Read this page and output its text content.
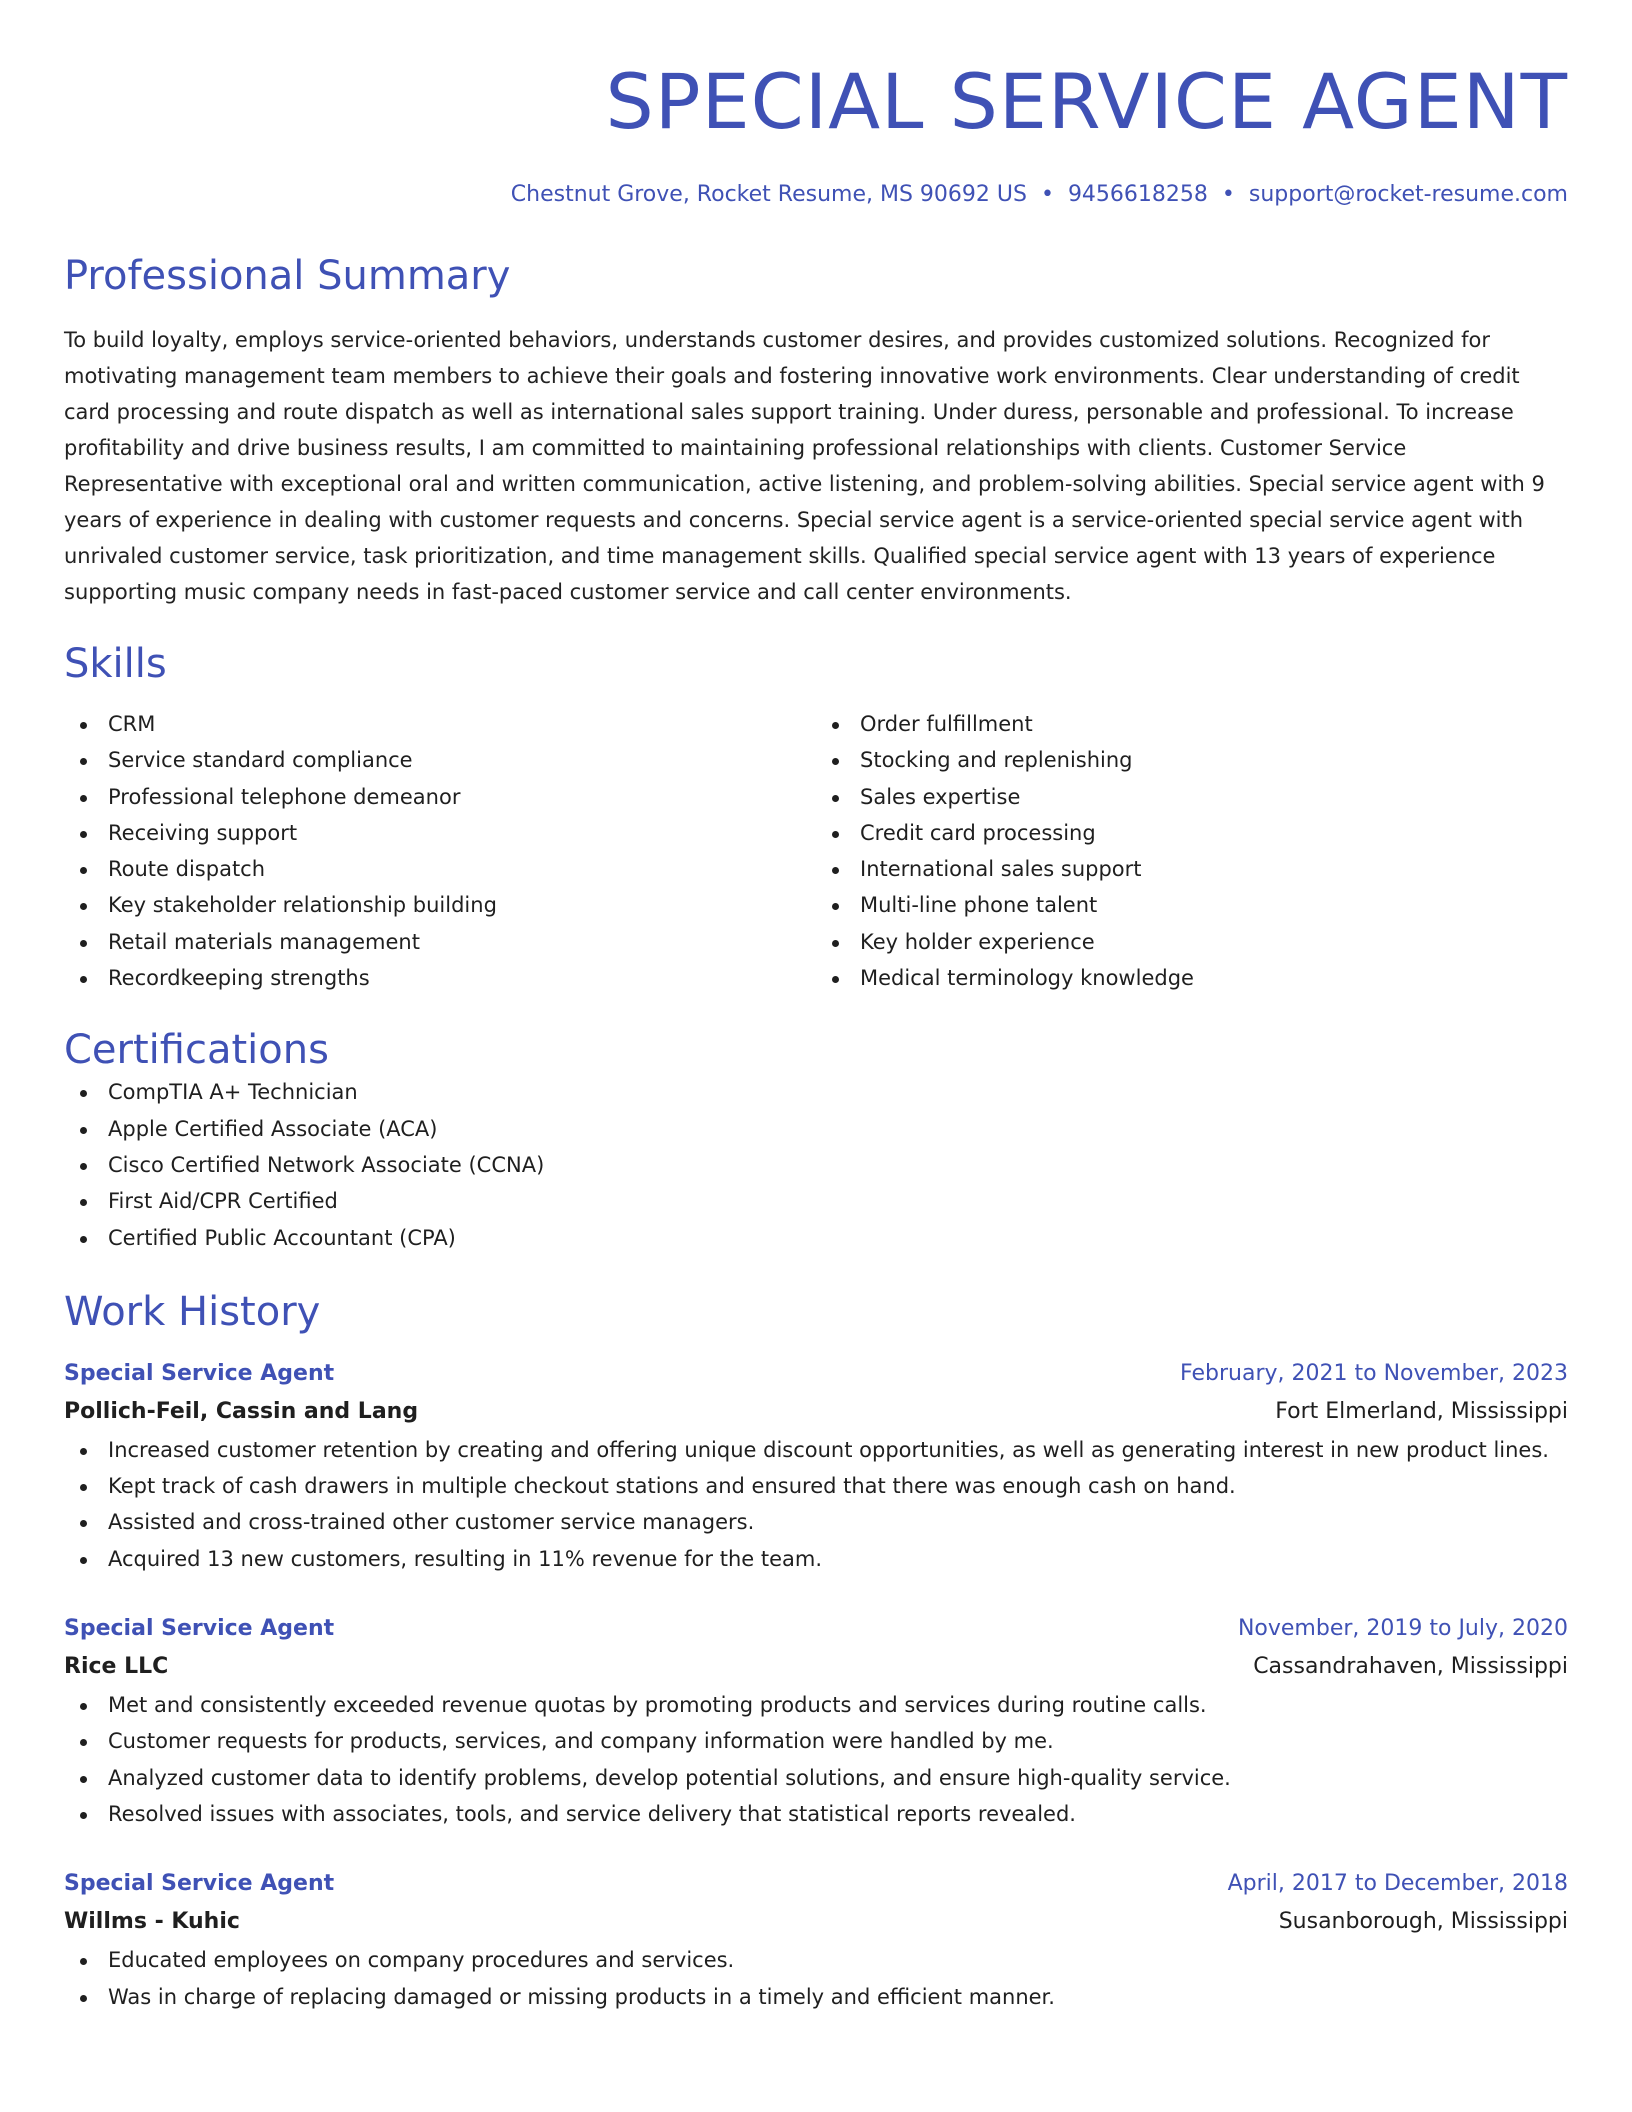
SPECIAL SERVICE AGENT
Chestnut Grove, Rocket Resume, MS 90692 US • 9456618258 • support@rocket-resume.com
Professional Summary
To build loyalty, employs service-oriented behaviors, understands customer desires, and provides customized solutions. Recognized for motivating management team members to achieve their goals and fostering innovative work environments. Clear understanding of credit card processing and route dispatch as well as international sales support training. Under duress, personable and professional. To increase profitability and drive business results, I am committed to maintaining professional relationships with clients. Customer Service Representative with exceptional oral and written communication, active listening, and problem-solving abilities. Special service agent with 9 years of experience in dealing with customer requests and concerns. Special service agent is a service-oriented special service agent with unrivaled customer service, task prioritization, and time management skills. Qualified special service agent with 13 years of experience supporting music company needs in fast-paced customer service and call center environments.
Skills
CRM
Service standard compliance
Professional telephone demeanor
Receiving support
Route dispatch
Key stakeholder relationship building
Retail materials management
Recordkeeping strengths
Order fulfillment
Stocking and replenishing
Sales expertise
Credit card processing
International sales support
Multi-line phone talent
Key holder experience
Medical terminology knowledge
Certifications
CompTIA A+ Technician
Apple Certified Associate (ACA)
Cisco Certified Network Associate (CCNA)
First Aid/CPR Certified
Certified Public Accountant (CPA)
Work History
Special Service Agent	February, 2021 to November, 2023
Pollich-Feil, Cassin and Lang	Fort Elmerland, Mississippi
Increased customer retention by creating and offering unique discount opportunities, as well as generating interest in new product lines.
Kept track of cash drawers in multiple checkout stations and ensured that there was enough cash on hand.
Assisted and cross-trained other customer service managers.
Acquired 13 new customers, resulting in 11% revenue for the team.
Special Service Agent	November, 2019 to July, 2020
Rice LLC	Cassandrahaven, Mississippi
Met and consistently exceeded revenue quotas by promoting products and services during routine calls.
Customer requests for products, services, and company information were handled by me.
Analyzed customer data to identify problems, develop potential solutions, and ensure high-quality service.
Resolved issues with associates, tools, and service delivery that statistical reports revealed.
Special Service Agent	April, 2017 to December, 2018
Willms - Kuhic	Susanborough, Mississippi
Educated employees on company procedures and services.
Was in charge of replacing damaged or missing products in a timely and efficient manner.
